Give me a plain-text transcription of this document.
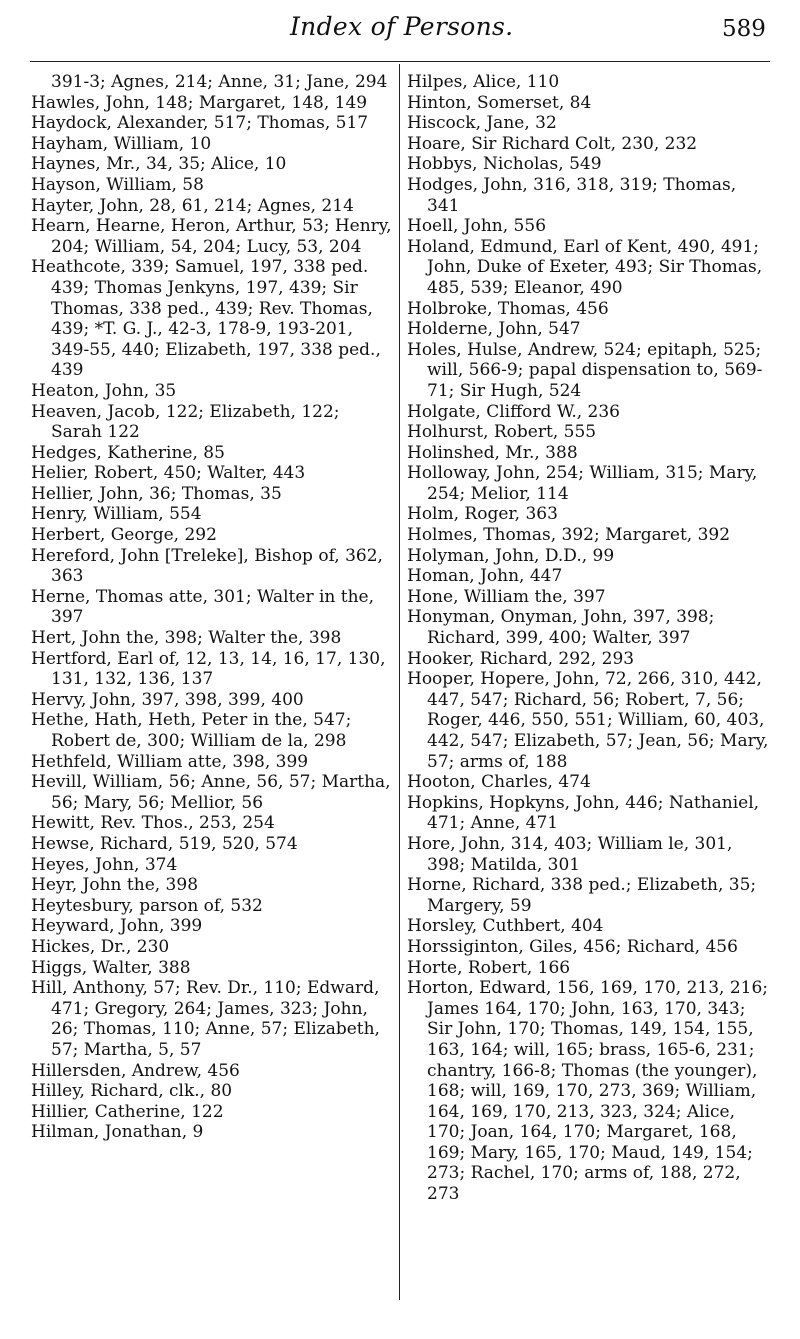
Index of Persons.	589

391-3; Agnes, 214; Anne, 31; Jane, 294

Hawles, John, 148; Margaret, 148, 149

Haydock, Alexander, 517; Thomas, 517

Hayham, William, 10

Haynes, Mr., 34, 35; Alice, 10

Hayson, William, 58

Hayter, John, 28, 61, 214; Agnes, 214

Hearn, Hearne, Heron, Arthur, 53; Henry, 204; William, 54, 204; Lucy, 53, 204

Heathcote, 339; Samuel, 197, 338 ped. 439; Thomas Jenkyns, 197, 439; Sir Thomas, 338 ped., 439; Rev. Thomas, 439; *T. G. J., 42-3, 178-9, 193-201, 349-55, 440; Elizabeth, 197, 338 ped., 439

Heaton, John, 35

Heaven, Jacob, 122; Elizabeth, 122; Sarah 122

Hedges, Katherine, 85

Helier, Robert, 450; Walter, 443

Hellier, John, 36; Thomas, 35

Henry, William, 554

Herbert, George, 292

Hereford, John [Treleke], Bishop of, 362, 363

Herne, Thomas atte, 301; Walter in the, 397

Hert, John the, 398; Walter the, 398

Hertford, Earl of, 12, 13, 14, 16, 17, 130, 131, 132, 136, 137

Hervy, John, 397, 398, 399, 400

Hethe, Hath, Heth, Peter in the, 547; Robert de, 300; William de la, 298

Hethfeld, William atte, 398, 399

Hevill, William, 56; Anne, 56, 57; Martha, 56; Mary, 56; Mellior, 56

Hewitt, Rev. Thos., 253, 254

Hewse, Richard, 519, 520, 574

Heyes, John, 374

Heyr, John the, 398

Heytesbury, parson of, 532

Heyward, John, 399

Hickes, Dr., 230

Higgs, Walter, 388

Hill, Anthony, 57; Rev. Dr., 110; Edward, 471; Gregory, 264; James, 323; John, 26; Thomas, 110; Anne, 57; Elizabeth, 57; Martha, 5, 57

Hillersden, Andrew, 456

Hilley, Richard, clk., 80

Hillier, Catherine, 122

Hilman, Jonathan, 9

Hilpes, Alice, 110

Hinton, Somerset, 84

Hiscock, Jane, 32

Hoare, Sir Richard Colt, 230, 232

Hobbys, Nicholas, 549

Hodges, John, 316, 318, 319; Thomas, 341

Hoell, John, 556

Holand, Edmund, Earl of Kent, 490, 491; John, Duke of Exeter, 493; Sir Thomas, 485, 539; Eleanor, 490

Holbroke, Thomas, 456

Holderne, John, 547

Holes, Hulse, Andrew, 524; epitaph, 525; will, 566-9; papal dispensation to, 569-71; Sir Hugh, 524

Holgate, Clifford W., 236

Holhurst, Robert, 555

Holinshed, Mr., 388

Holloway, John, 254; William, 315; Mary, 254; Melior, 114

Holm, Roger, 363

Holmes, Thomas, 392; Margaret, 392

Holyman, John, D.D., 99

Homan, John, 447

Hone, William the, 397

Honyman, Onyman, John, 397, 398; Richard, 399, 400; Walter, 397

Hooker, Richard, 292, 293

Hooper, Hopere, John, 72, 266, 310, 442, 447, 547; Richard, 56; Robert, 7, 56; Roger, 446, 550, 551; William, 60, 403, 442, 547; Elizabeth, 57; Jean, 56; Mary, 57; arms of, 188

Hooton, Charles, 474

Hopkins, Hopkyns, John, 446; Nathaniel, 471; Anne, 471

Hore, John, 314, 403; William le, 301, 398; Matilda, 301

Horne, Richard, 338 ped.; Elizabeth, 35; Margery, 59

Horsley, Cuthbert, 404

Horssiginton, Giles, 456; Richard, 456

Horte, Robert, 166

Horton, Edward, 156, 169, 170, 213, 216; James 164, 170; John, 163, 170, 343; Sir John, 170; Thomas, 149, 154, 155, 163, 164; will, 165; brass, 165-6, 231; chantry, 166-8; Thomas (the younger), 168; will, 169, 170, 273, 369; William, 164, 169, 170, 213, 323, 324; Alice, 170; Joan, 164, 170; Margaret, 168, 169; Mary, 165, 170; Maud, 149, 154; 273; Rachel, 170; arms of, 188, 272, 273
